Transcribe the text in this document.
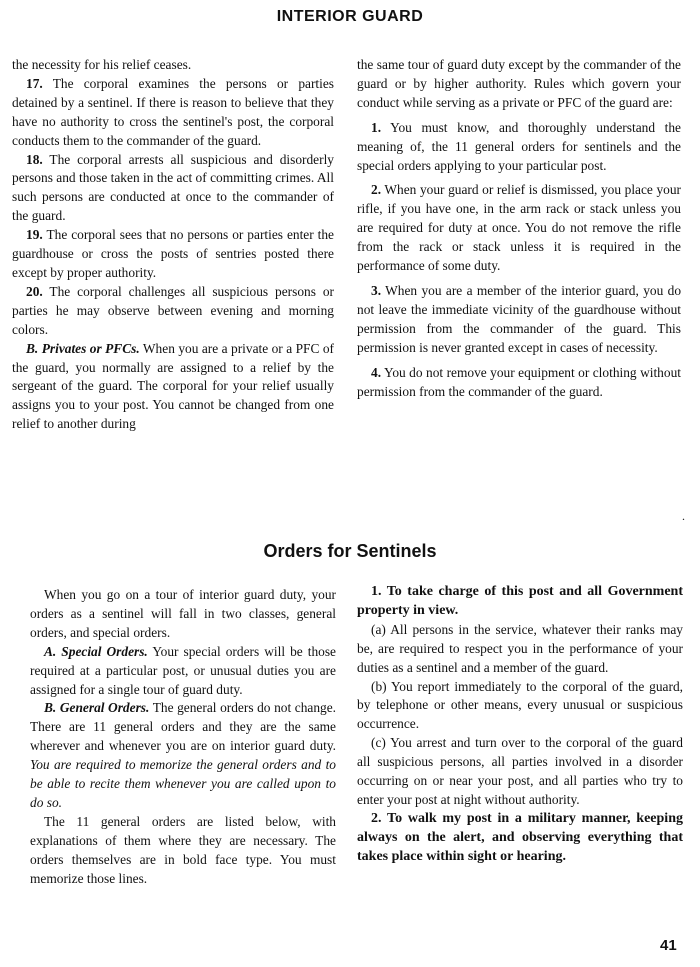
INTERIOR GUARD

the necessity for his relief ceases.

17. The corporal examines the persons or parties detained by a sentinel. If there is reason to believe that they have no authority to cross the sentinel's post, the corporal conducts them to the commander of the guard.

18. The corporal arrests all suspicious and disorderly persons and those taken in the act of committing crimes. All such persons are conducted at once to the commander of the guard.

19. The corporal sees that no persons or parties enter the guardhouse or cross the posts of sentries posted there except by proper authority.

20. The corporal challenges all suspicious persons or parties he may observe between evening and morning colors.

B. Privates or PFCs. When you are a private or a PFC of the guard, you normally are assigned to a relief by the sergeant of the guard. The corporal for your relief usually assigns you to your post. You cannot be changed from one relief to another during

the same tour of guard duty except by the commander of the guard or by higher authority. Rules which govern your conduct while serving as a private or PFC of the guard are:

1. You must know, and thoroughly understand the meaning of, the 11 general orders for sentinels and the special orders applying to your particular post.

2. When your guard or relief is dismissed, you place your rifle, if you have one, in the arm rack or stack unless you are required for duty at once. You do not remove the rifle from the rack or stack unless it is required in the performance of some duty.

3. When you are a member of the interior guard, you do not leave the immediate vicinity of the guardhouse without permission from the commander of the guard. This permission is never granted except in cases of necessity.

4. You do not remove your equipment or clothing without permission from the commander of the guard.

.
Orders for Sentinels

When you go on a tour of interior guard duty, your orders as a sentinel will fall in two classes, general orders, and special orders.

A. Special Orders. Your special orders will be those required at a particular post, or unusual duties you are assigned for a single tour of guard duty.

B. General Orders. The general orders do not change. There are 11 general orders and they are the same wherever and whenever you are on interior guard duty. You are required to memorize the general orders and to be able to recite them whenever you are called upon to do so.

The 11 general orders are listed below, with explanations of them where they are necessary. The orders themselves are in bold face type. You must memorize those lines.

1. To take charge of this post and all Government property in view.

(a) All persons in the service, whatever their ranks may be, are required to respect you in the performance of your duties as a sentinel and a member of the guard.

(b) You report immediately to the corporal of the guard, by telephone or other means, every unusual or suspicious occurrence.

(c) You arrest and turn over to the corporal of the guard all suspicious persons, all parties involved in a disorder occurring on or near your post, and all parties who try to enter your post at night without authority.

2. To walk my post in a military manner, keeping always on the alert, and observing everything that takes place within sight or hearing.

41
